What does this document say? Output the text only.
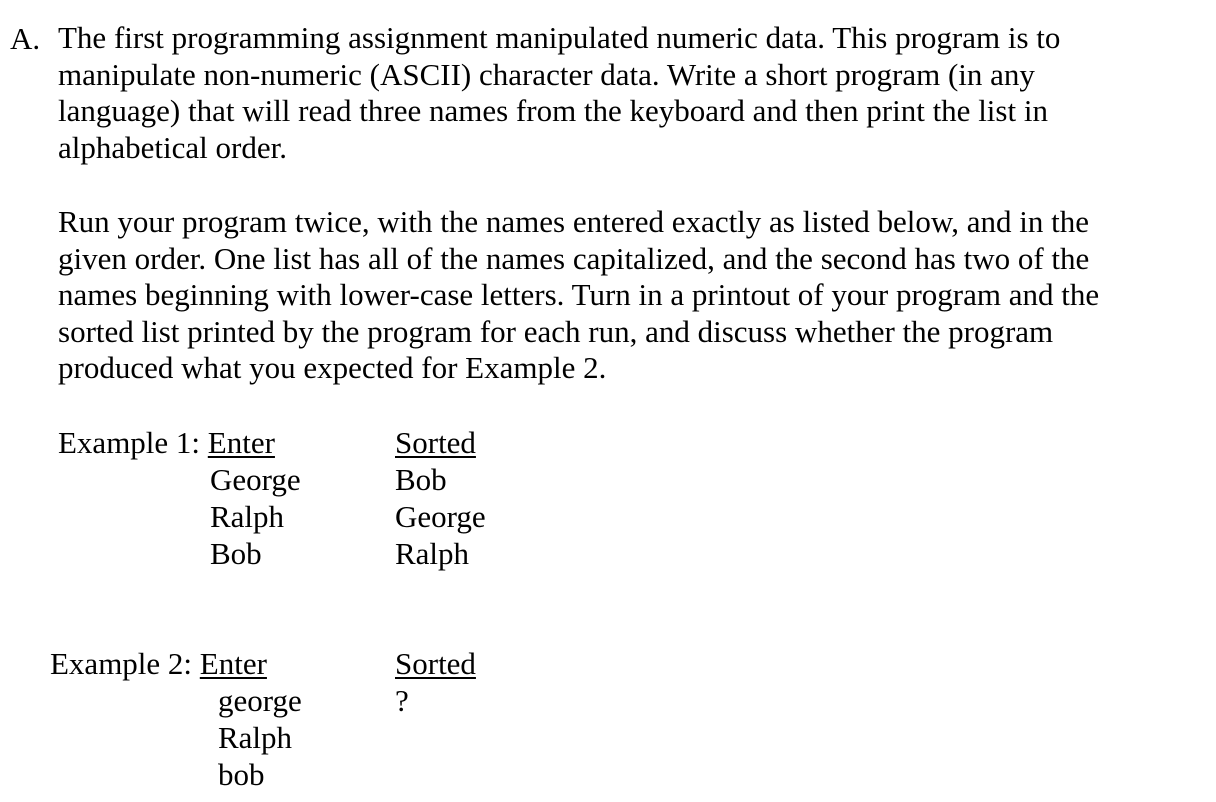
A. The first programming assignment manipulated numeric data. This program is to
manipulate non-numeric (ASCII) character data. Write a short program (in any
language) that will read three names from the keyboard and then print the list in
alphabetical order.
Run your program twice, with the names entered exactly as listed below, and in the
given order. One list has all of the names capitalized, and the second has two of the
names beginning with lower-case letters. Turn in a printout of your program and the
sorted list printed by the program for each run, and discuss whether the program
produced what you expected for Example 2.
Example 1: Enter
George
Ralph
Bob
Sorted
Bob
George
Ralph
Example 2: Enter
george
Ralph
bob
Sorted
?
